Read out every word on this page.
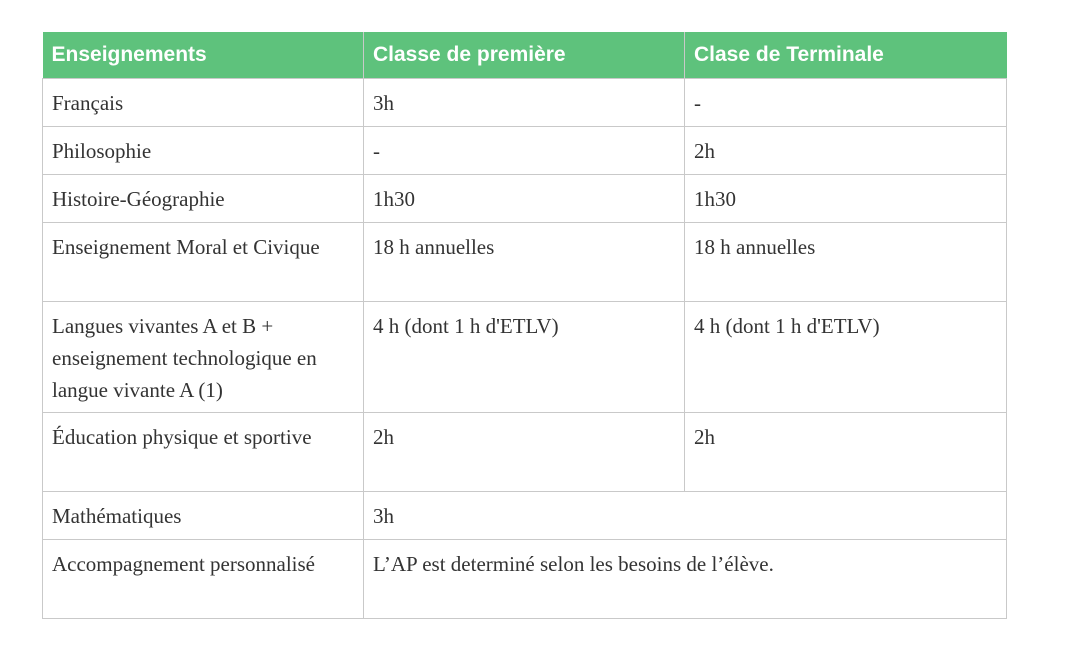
Enseignements	Classe de première	Clase de Terminale
Français	3h	-
Philosophie	-	2h
Histoire-Géographie	1h30	1h30
Enseignement Moral et Civique	18 h annuelles	18 h annuelles
Langues vivantes A et B + enseignement technologique en langue vivante A (1)	4 h (dont 1 h d'ETLV)	4 h (dont 1 h d'ETLV)
Éducation physique et sportive	2h	2h
Mathématiques	3h	
Accompagnement personnalisé	L’AP est determiné selon les besoins de l’élève.	
